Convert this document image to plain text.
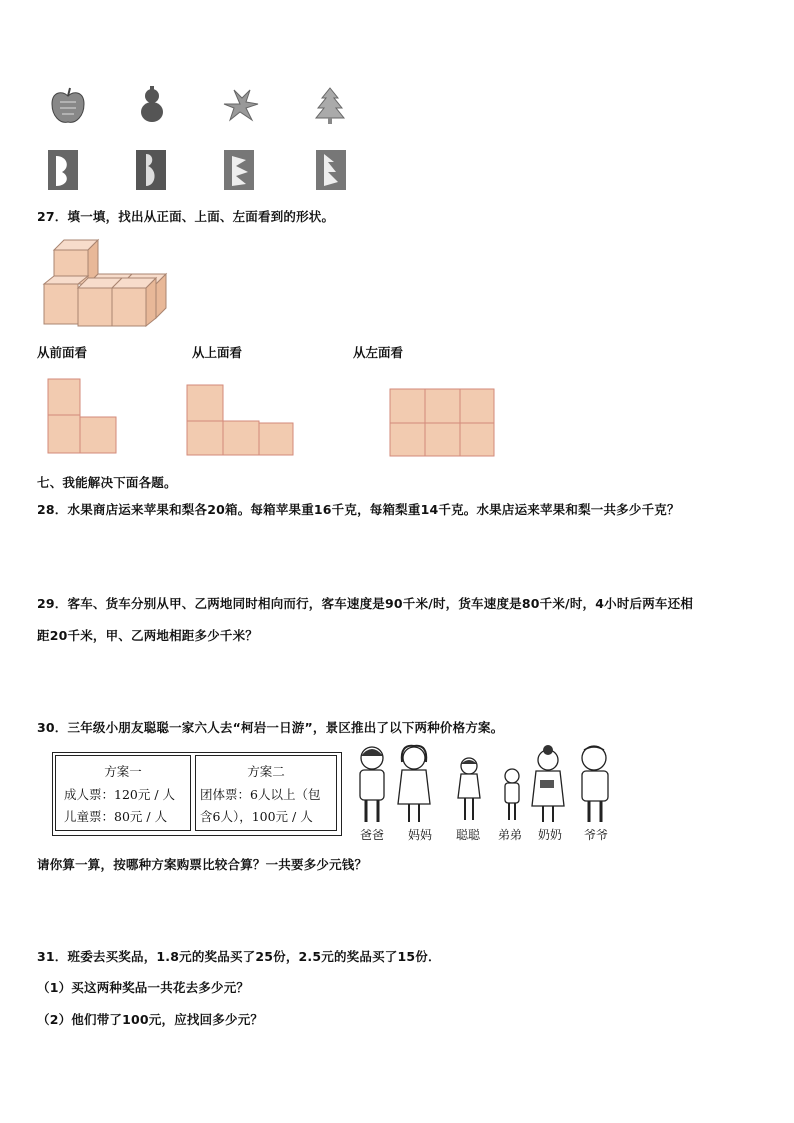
27．填一填，找出从正面、上面、左面看到的形状。
从前面看	从上面看	从左面看
七、我能解决下面各题。
28．水果商店运来苹果和梨各20箱。每箱苹果重16千克，每箱梨重14千克。水果店运来苹果和梨一共多少千克？
29．客车、货车分别从甲、乙两地同时相向而行，客车速度是90千米/时，货车速度是80千米/时，4小时后两车还相
距20千米，甲、乙两地相距多少千米？
30．三年级小朋友聪聪一家六人去“柯岩一日游”，景区推出了以下两种价格方案。
方案一
成人票：120元 / 人
儿童票：80元 / 人
方案二
团体票：6人以上（包
含6人），100元 / 人
爸爸	妈妈	聪聪	弟弟	奶奶	爷爷
请你算一算，按哪种方案购票比较合算？一共要多少元钱？
31．班委去买奖品，1.8元的奖品买了25份，2.5元的奖品买了15份．
（1）买这两种奖品一共花去多少元？
（2）他们带了100元，应找回多少元？
